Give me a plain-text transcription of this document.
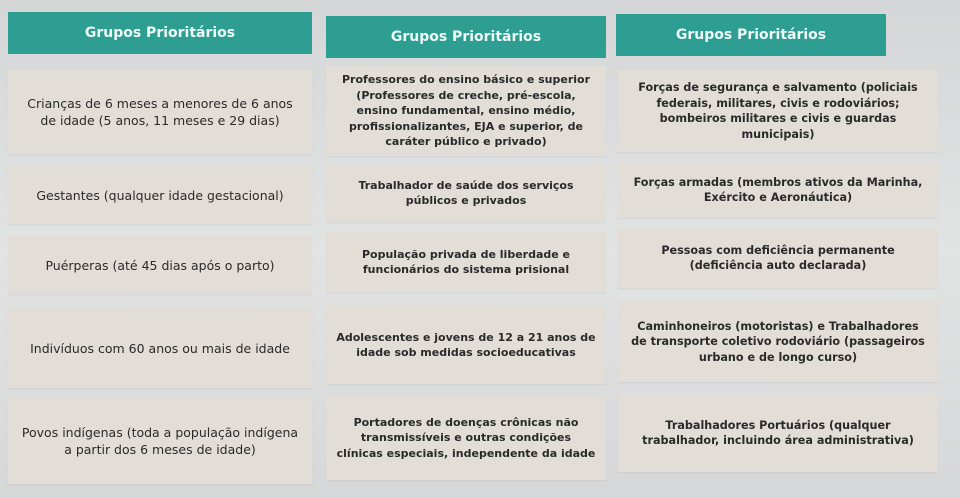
Grupos Prioritários
Crianças de 6 meses a menores de 6 anos de idade (5 anos, 11 meses e 29 dias)
Gestantes (qualquer idade gestacional)
Puérperas (até 45 dias após o parto)
Indivíduos com 60 anos ou mais de idade
Povos indígenas (toda a população indígena a partir dos 6 meses de idade)
Grupos Prioritários
Professores do ensino básico e superior (Professores de creche, pré-escola, ensino fundamental, ensino médio, profissionalizantes, EJA e superior, de caráter público e privado)
Trabalhador de saúde dos serviços públicos e privados
População privada de liberdade e funcionários do sistema prisional
Adolescentes e jovens de 12 a 21 anos de idade sob medidas socioeducativas
Portadores de doenças crônicas não transmissíveis e outras condições clínicas especiais, independente da idade
Grupos Prioritários
Forças de segurança e salvamento (policiais federais, militares, civis e rodoviários; bombeiros militares e civis e guardas municipais)
Forças armadas (membros ativos da Marinha, Exército e Aeronáutica)
Pessoas com deficiência permanente (deficiência auto declarada)
Caminhoneiros (motoristas) e Trabalhadores de transporte coletivo rodoviário (passageiros urbano e de longo curso)
Trabalhadores Portuários (qualquer trabalhador, incluindo área administrativa)
